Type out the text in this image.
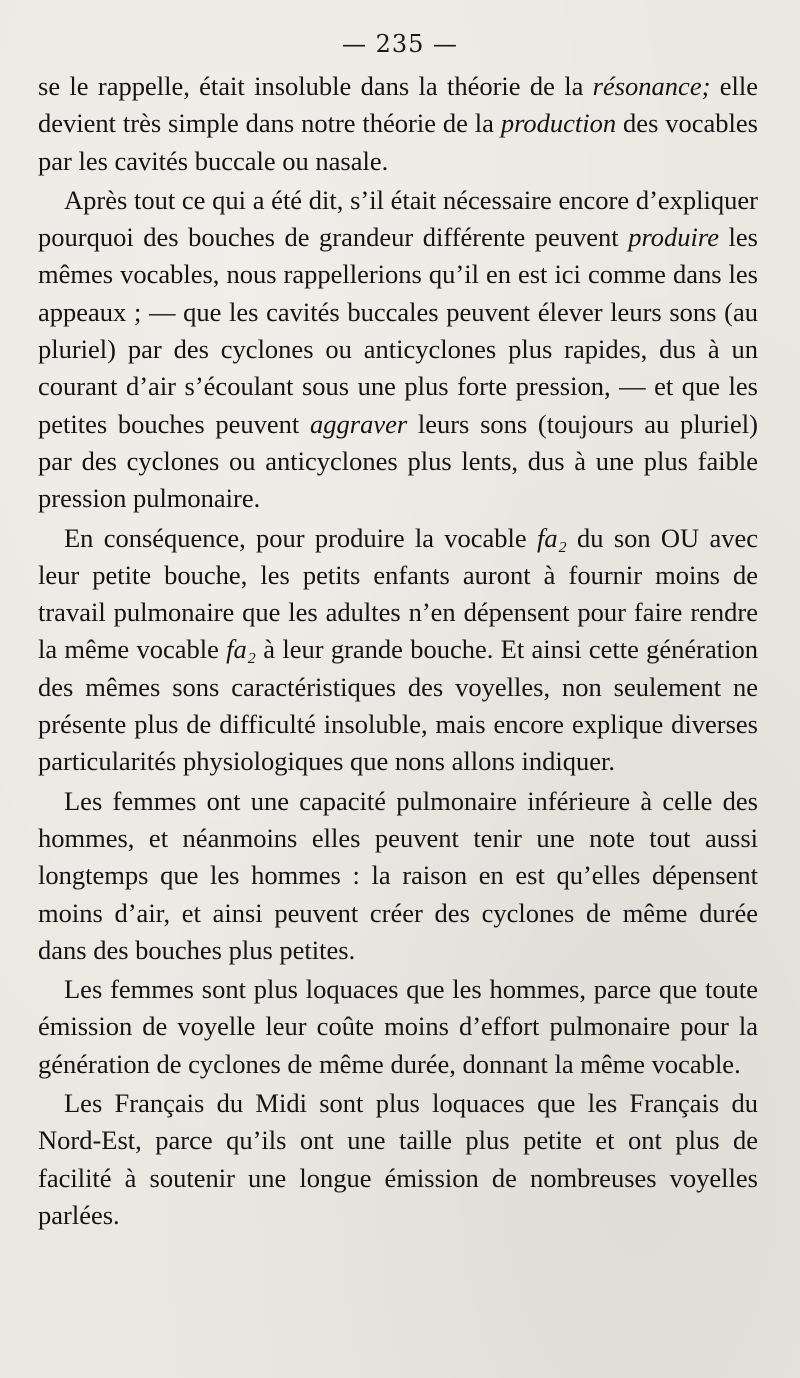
— 235 —

se le rappelle, était insoluble dans la théorie de la résonance; elle devient très simple dans notre théorie de la production des vocables par les cavités buccale ou nasale.

Après tout ce qui a été dit, s’il était nécessaire encore d’expliquer pourquoi des bouches de grandeur différente peuvent produire les mêmes vocables, nous rappellerions qu’il en est ici comme dans les appeaux ; — que les cavités buccales peuvent élever leurs sons (au pluriel) par des cyclones ou anticyclones plus rapides, dus à un courant d’air s’écoulant sous une plus forte pression, — et que les petites bouches peuvent aggraver leurs sons (toujours au pluriel) par des cyclones ou anticyclones plus lents, dus à une plus faible pression pulmonaire.

En conséquence, pour produire la vocable fa₂ du son OU avec leur petite bouche, les petits enfants auront à fournir moins de travail pulmonaire que les adultes n’en dépensent pour faire rendre la même vocable fa₂ à leur grande bouche. Et ainsi cette génération des mêmes sons caractéristiques des voyelles, non seulement ne présente plus de difficulté insoluble, mais encore explique diverses particularités physiologiques que nons allons indiquer.

Les femmes ont une capacité pulmonaire inférieure à celle des hommes, et néanmoins elles peuvent tenir une note tout aussi longtemps que les hommes : la raison en est qu’elles dépensent moins d’air, et ainsi peuvent créer des cyclones de même durée dans des bouches plus petites.

Les femmes sont plus loquaces que les hommes, parce que toute émission de voyelle leur coûte moins d’effort pulmonaire pour la génération de cyclones de même durée, donnant la même vocable.

Les Français du Midi sont plus loquaces que les Français du Nord-Est, parce qu’ils ont une taille plus petite et ont plus de facilité à soutenir une longue émission de nombreuses voyelles parlées.
